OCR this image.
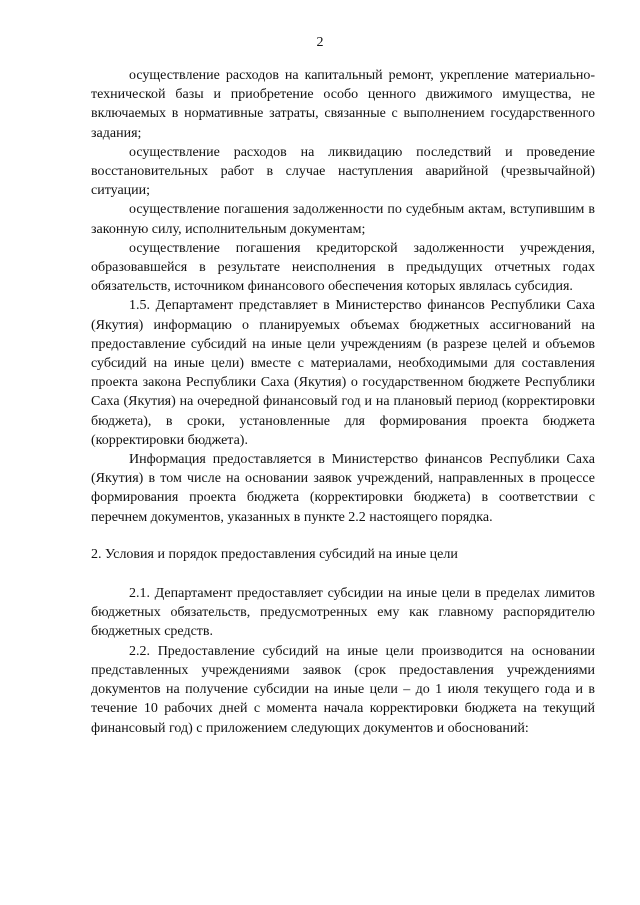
2

осуществление расходов на капитальный ремонт, укрепление материально-технической базы и приобретение особо ценного движимого имущества, не включаемых в нормативные затраты, связанные с выполнением государственного задания;

осуществление расходов на ликвидацию последствий и проведение восстановительных работ в случае наступления аварийной (чрезвычайной) ситуации;

осуществление погашения задолженности по судебным актам, вступившим в законную силу, исполнительным документам;

осуществление погашения кредиторской задолженности учреждения, образовавшейся в результате неисполнения в предыдущих отчетных годах обязательств, источником финансового обеспечения которых являлась субсидия.

1.5. Департамент представляет в Министерство финансов Республики Саха (Якутия) информацию о планируемых объемах бюджетных ассигнований на предоставление субсидий на иные цели учреждениям (в разрезе целей и объемов субсидий на иные цели) вместе с материалами, необходимыми для составления проекта закона Республики Саха (Якутия) о государственном бюджете Республики Саха (Якутия) на очередной финансовый год и на плановый период (корректировки бюджета), в сроки, установленные для формирования проекта бюджета (корректировки бюджета).

Информация предоставляется в Министерство финансов Республики Саха (Якутия) в том числе на основании заявок учреждений, направленных в процессе формирования проекта бюджета (корректировки бюджета) в соответствии с перечнем документов, указанных в пункте 2.2 настоящего порядка.

2. Условия и порядок предоставления субсидий на иные цели

2.1. Департамент предоставляет субсидии на иные цели в пределах лимитов бюджетных обязательств, предусмотренных ему как главному распорядителю бюджетных средств.

2.2. Предоставление субсидий на иные цели производится на основании представленных учреждениями заявок (срок предоставления учреждениями документов на получение субсидии на иные цели – до 1 июля текущего года и в течение 10 рабочих дней с момента начала корректировки бюджета на текущий финансовый год) с приложением следующих документов и обоснований:
